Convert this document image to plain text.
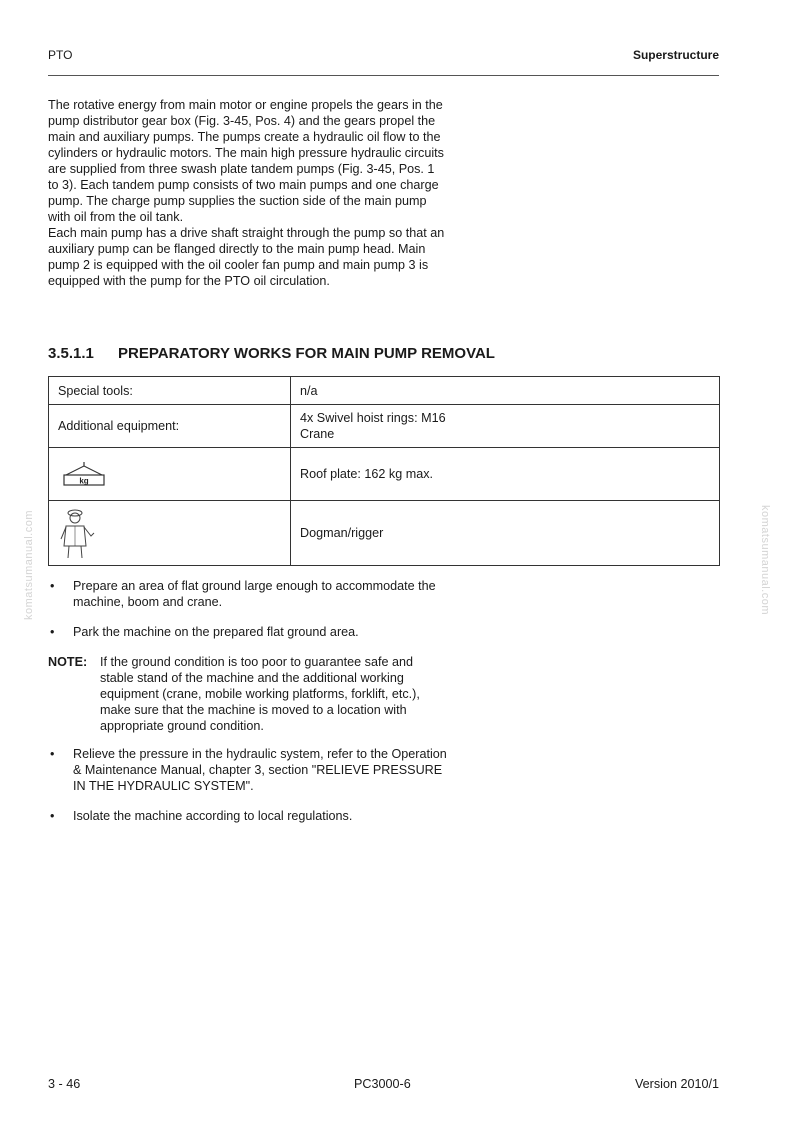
PTO	Superstructure

The rotative energy from main motor or engine propels the gears in the pump distributor gear box (Fig. 3-45, Pos. 4) and the gears propel the main and auxiliary pumps. The pumps create a hydraulic oil flow to the cylinders or hydraulic motors. The main high pressure hydraulic circuits are supplied from three swash plate tandem pumps (Fig. 3-45, Pos. 1 to 3). Each tandem pump consists of two main pumps and one charge pump. The charge pump supplies the suction side of the main pump with oil from the oil tank.

Each main pump has a drive shaft straight through the pump so that an auxiliary pump can be flanged directly to the main pump head. Main pump 2 is equipped with the oil cooler fan pump and main pump 3 is equipped with the pump for the PTO oil circulation.

3.5.1.1 PREPARATORY WORKS FOR MAIN PUMP REMOVAL
Special tools:	n/a
Additional equipment:	4x Swivel hoist rings: M16
Crane

kg	Roof plate: 162 kg max.

	Dogman/rigger
• Prepare an area of flat ground large enough to accommodate the machine, boom and crane.
• Park the machine on the prepared flat ground area.
NOTE: If the ground condition is too poor to guarantee safe and stable stand of the machine and the additional working equipment (crane, mobile working platforms, forklift, etc.), make sure that the machine is moved to a location with appropriate ground condition.
• Relieve the pressure in the hydraulic system, refer to the Operation & Maintenance Manual, chapter 3, section "RELIEVE PRESSURE IN THE HYDRAULIC SYSTEM".
• Isolate the machine according to local regulations.
komatsumanual.com	komatsumanual.com
3 - 46	PC3000-6	Version 2010/1
